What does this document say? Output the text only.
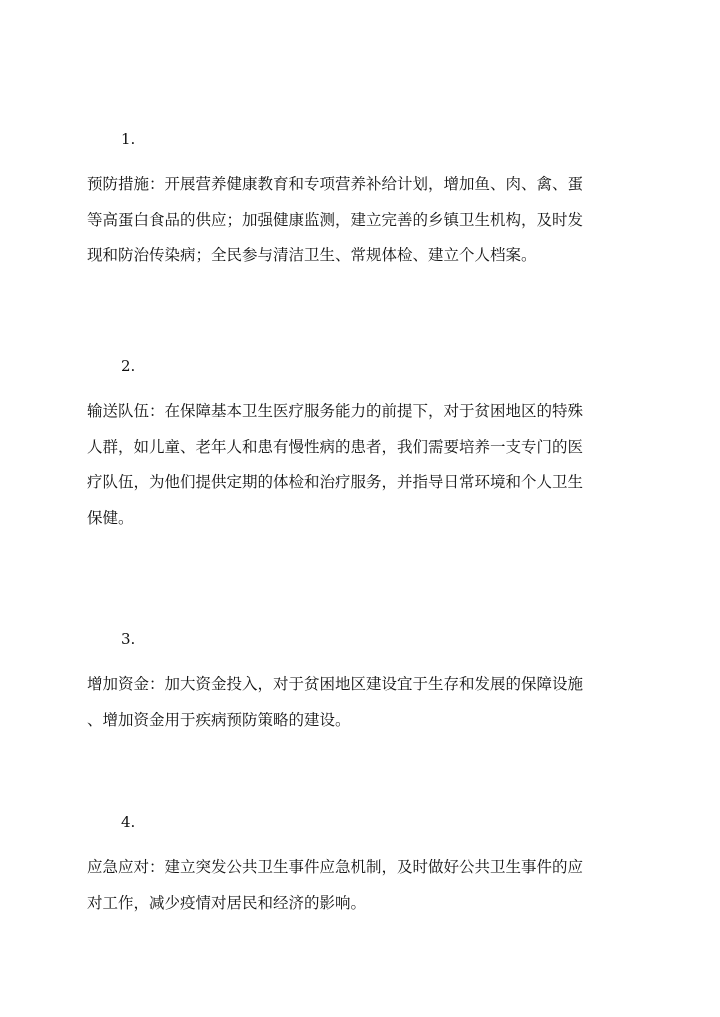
1.

预防措施：开展营养健康教育和专项营养补给计划，增加鱼、肉、禽、蛋
等高蛋白食品的供应；加强健康监测，建立完善的乡镇卫生机构，及时发
现和防治传染病；全民参与清洁卫生、常规体检、建立个人档案。

2.

输送队伍：在保障基本卫生医疗服务能力的前提下，对于贫困地区的特殊
人群，如儿童、老年人和患有慢性病的患者，我们需要培养一支专门的医
疗队伍，为他们提供定期的体检和治疗服务，并指导日常环境和个人卫生
保健。

3.

增加资金：加大资金投入，对于贫困地区建设宜于生存和发展的保障设施
、增加资金用于疾病预防策略的建设。

4.

应急应对：建立突发公共卫生事件应急机制，及时做好公共卫生事件的应
对工作，减少疫情对居民和经济的影响。
